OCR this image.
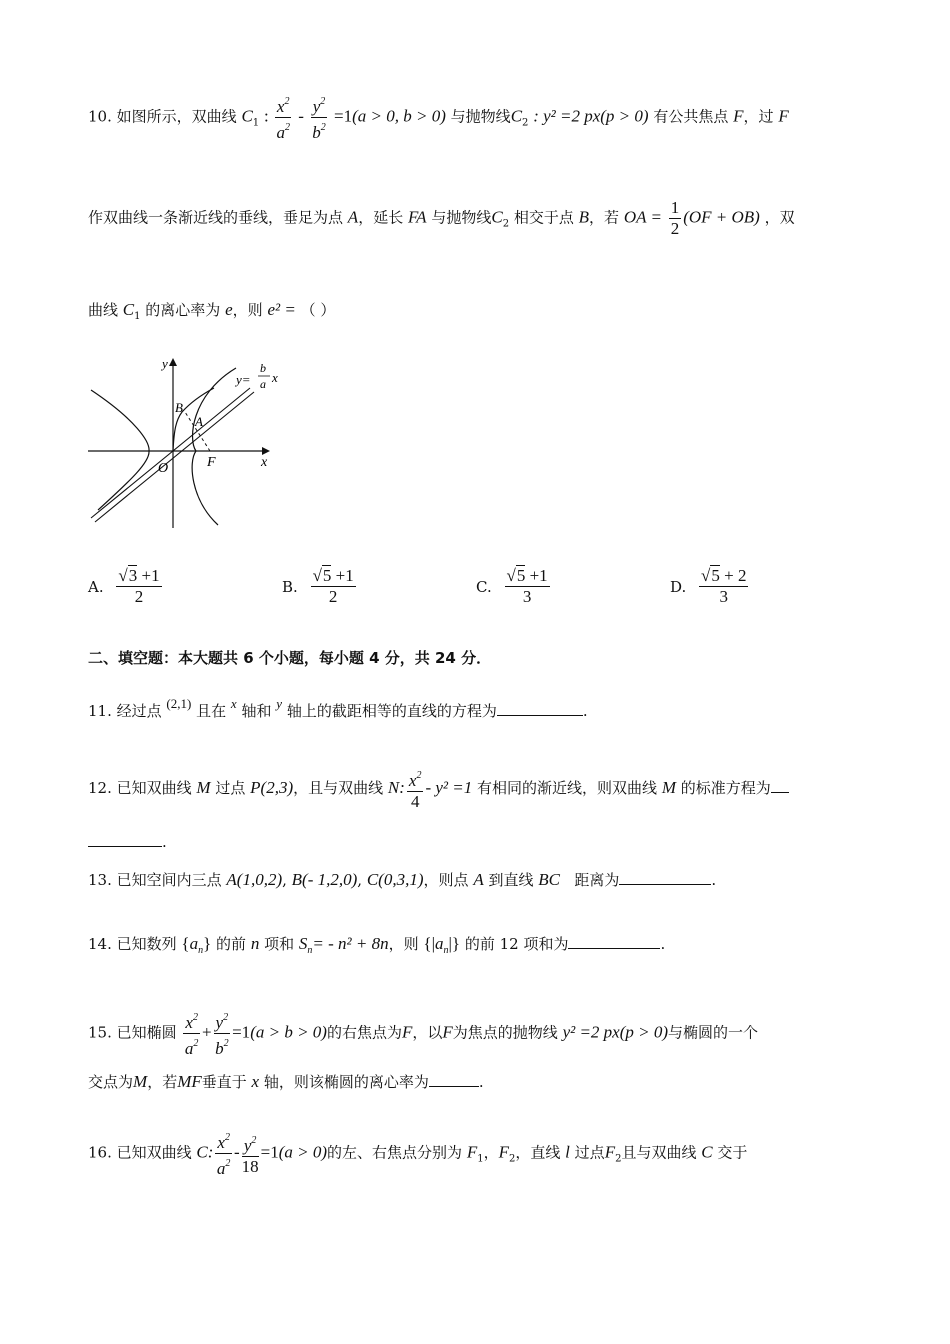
10. 如图所示，双曲线 $C_1$ : $\frac{x^2}{a^2} - \frac{y^2}{b^2} =1(a > 0$, b > 0) 与抛物线$C_2$ : y² =2 px(p > 0) 有公共焦点 F，过 F
作双曲线一条渐近线的垂线，垂足为点 A，延长 FA 与抛物线$C_2$ 相交于点 B，若 OA = $\frac{1}{2} (OF + OB)$ ，双
曲线 $C_1$ 的离心率为 e，则 e² = （ ）
y
x
O	F
A
B
y=
b
a x
A. $\frac{√3 +1}{2}$	B. $\frac{√5 +1}{2}$	C. $\frac{√5 +1}{3}$	D. $\frac{√5 + 2}{3}$
二、填空题：本大题共 6 个小题，每小题 4 分，共 24 分．
11. 经过点 (2,1) 且在 x 轴和 y 轴上的截距相等的直线的方程为	.
12. 已知双曲线 M 过点 P(2,3)，且与双曲线 N: $\frac{x^2}{4} - y^2 =1$ 有相同的渐近线，则双曲线 M 的标准方程为
.
13. 已知空间内三点 A(1,0,2), B(- 1,2,0), C(0,3,1)，则点 A 到直线 BC 距离为	.
14. 已知数列 $\{a_n\}$ 的前 n 项和 $S_n= - n^2 + 8n$，则 $\{|a_n|\}$ 的前 12 项和为	.
15. 已知椭圆 $\frac{x^2}{a^2} + \frac{y^2}{b^2} =1(a > b > 0)$的右焦点为F，以F为焦点的抛物线 y² =2 px(p > 0)与椭圆的一个
交点为M，若MF垂直于 x 轴，则该椭圆的离心率为	.
16. 已知双曲线 C: $\frac{x^2}{a^2} - \frac{y^2}{18} =1(a > 0)$的左、右焦点分别为 $F_1$，$F_2$，直线 l 过点$F_2$且与双曲线 C 交于
